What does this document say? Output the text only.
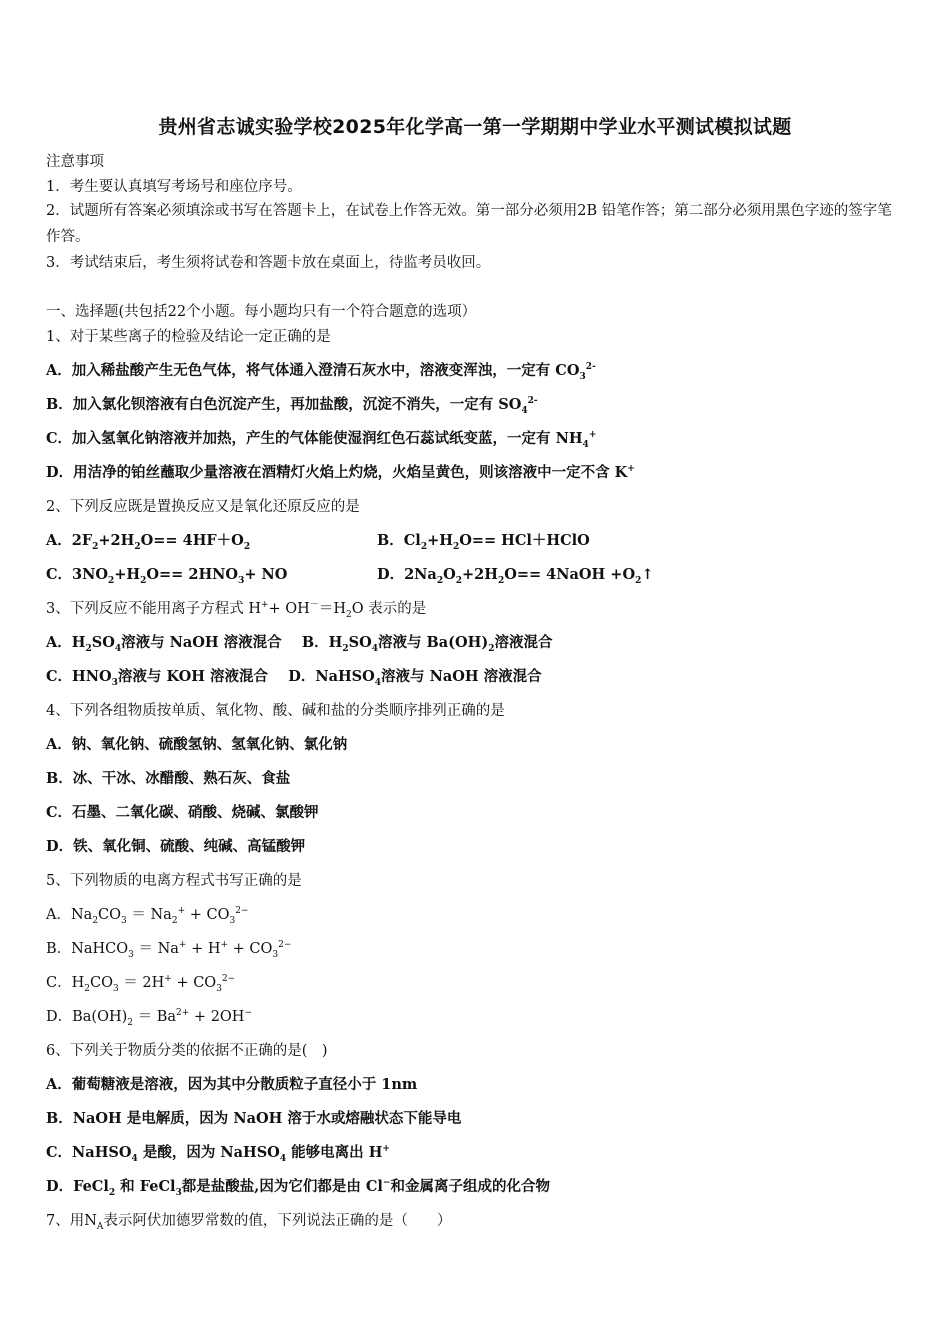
贵州省志诚实验学校2025年化学高一第一学期期中学业水平测试模拟试题
注意事项
1．考生要认真填写考场号和座位序号。
2．试题所有答案必须填涂或书写在答题卡上，在试卷上作答无效。第一部分必须用2B 铅笔作答；第二部分必须用黑色字迹的签字笔作答。
3．考试结束后，考生须将试卷和答题卡放在桌面上，待监考员收回。
一、选择题(共包括22个小题。每小题均只有一个符合题意的选项）
1、对于某些离子的检验及结论一定正确的是
A．加入稀盐酸产生无色气体，将气体通入澄清石灰水中，溶液变浑浊，一定有 $CO_3^{2-}$
B．加入氯化钡溶液有白色沉淀产生，再加盐酸，沉淀不消失，一定有 $SO_4^{2-}$
C．加入氢氧化钠溶液并加热，产生的气体能使湿润红色石蕊试纸变蓝，一定有 $NH_4^+$
D．用洁净的铂丝蘸取少量溶液在酒精灯火焰上灼烧，火焰呈黄色，则该溶液中一定不含 K+
2、下列反应既是置换反应又是氧化还原反应的是
A．$2F_2+2H_2O== 4HF+O_2$	B．$Cl_2+H_2O==$ HCl＋HClO
C．$3NO_2+H_2O== 2HNO_3+$ NO	D．$2Na_2O_2+2H_2O==$ 4NaOH $+O_2↑$
3、下列反应不能用离子方程式 $H^++ OH^-=H_2O$ 表示的是
A．$H_2SO_4$溶液与 NaOH 溶液混合 B．$H_2SO_4$溶液与 $Ba(OH)_2$溶液混合
C．$HNO_3$溶液与 KOH 溶液混合 D．NaHSO$_4$溶液与 NaOH 溶液混合
4、下列各组物质按单质、氧化物、酸、碱和盐的分类顺序排列正确的是
A．钠、氧化钠、硫酸氢钠、氢氧化钠、氯化钠
B．冰、干冰、冰醋酸、熟石灰、食盐
C．石墨、二氧化碳、硝酸、烧碱、氯酸钾
D．铁、氧化铜、硫酸、纯碱、高锰酸钾
5、下列物质的电离方程式书写正确的是
A．$Na_2CO_3 = Na_2^+ + CO_3^{2-}$
B．NaHCO$_3$ ＝ $Na^+ + H^+ + CO_3^{2-}$
C．$H_2CO_3 = 2H^+ + CO_3^{2-}$
D．$Ba(OH)_2 = Ba^{2+} + 2OH^-$
6、下列关于物质分类的依据不正确的是(　)
A．葡萄糖液是溶液，因为其中分散质粒子直径小于 1nm
B．NaOH 是电解质，因为 NaOH 溶于水或熔融状态下能导电
C．NaHSO$_4$ 是酸，因为 NaHSO$_4$ 能够电离出 H+
D．FeCl$_2$ 和 FeCl$_3$都是盐酸盐,因为它们都是由 Cl−和金属离子组成的化合物
7、用$N_A$表示阿伏加德罗常数的值，下列说法正确的是（　　）
